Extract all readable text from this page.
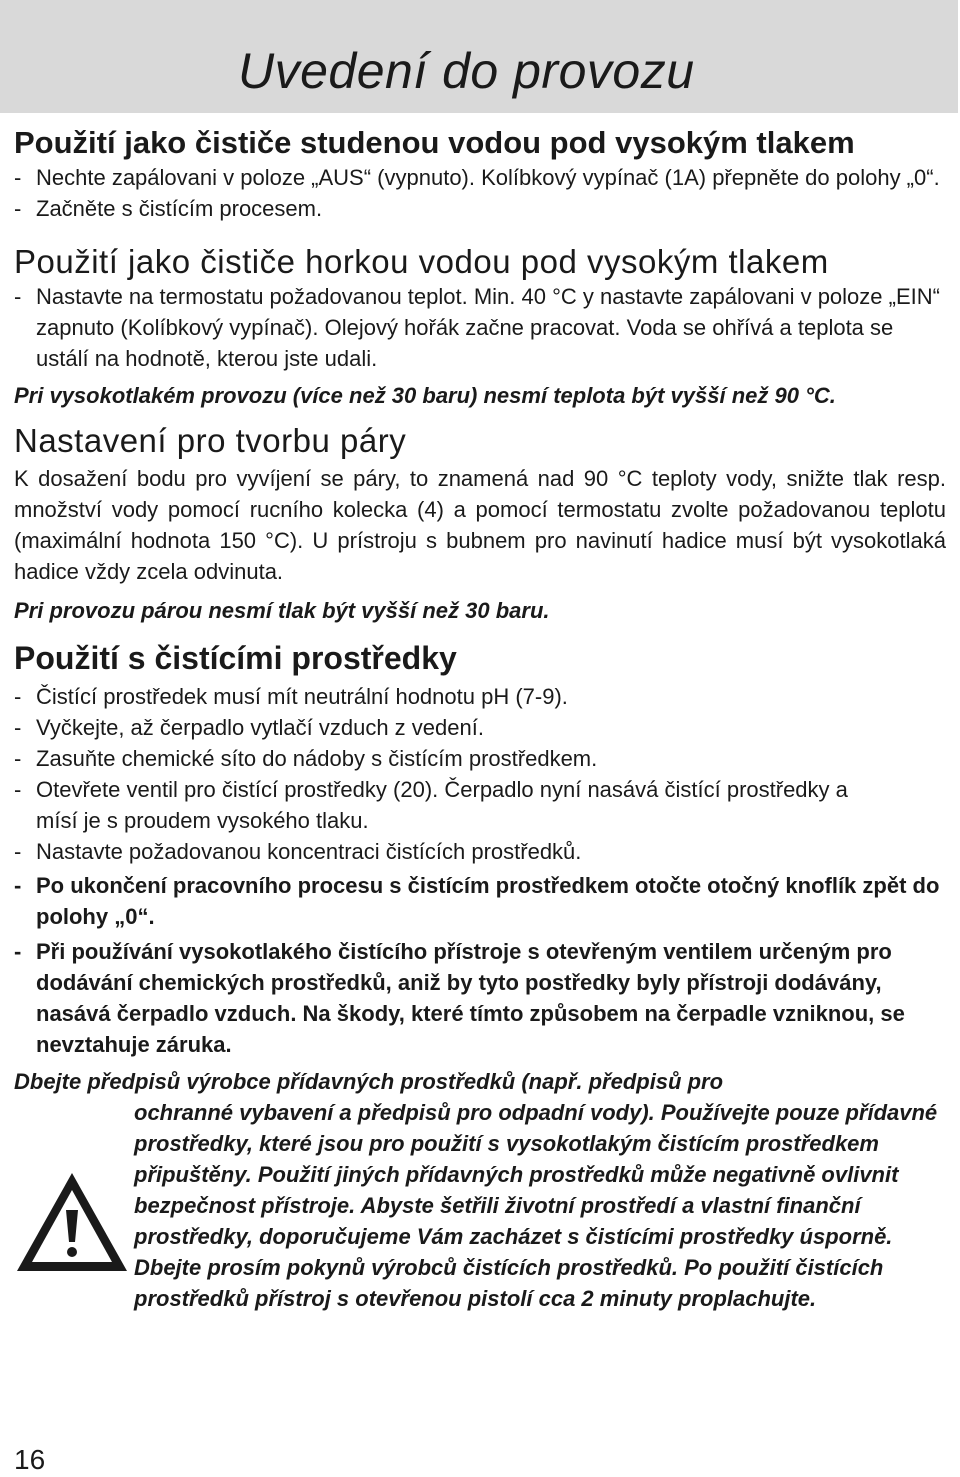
Uvedení do provozu
Použití jako čističe studenou vodou pod vysokým tlakem
- Nechte zapálovani v poloze „AUS“ (vypnuto). Kolíbkový vypínač (1A) přepněte do polohy „0“.
- Začněte s čistícím procesem.
Použití jako čističe horkou vodou pod vysokým tlakem
- Nastavte na termostatu požadovanou teplot. Min. 40 °C y nastavte zapálovani v poloze „EIN“ zapnuto (Kolíbkový vypínač). Olejový hořák začne pracovat. Voda se ohřívá a teplota se ustálí na hodnotě, kterou jste udali.
Pri vysokotlakém provozu (více než 30 baru) nesmí teplota být vyšší než 90 °C.
Nastavení pro tvorbu páry

K dosažení bodu pro vyvíjení se páry, to znamená nad 90 °C teploty vody, snižte tlak resp. množství vody pomocí rucního kolecka (4) a pomocí termostatu zvolte požadovanou teplotu (maximální hodnota 150 °C). U prístroju s bubnem pro navinutí hadice musí být vysokotlaká hadice vždy zcela odvinuta.

Pri provozu párou nesmí tlak být vyšší než 30 baru.
Použití s čistícími prostředky
- Čistící prostředek musí mít neutrální hodnotu pH (7-9).
- Vyčkejte, až čerpadlo vytlačí vzduch z vedení.
- Zasuňte chemické síto do nádoby s čistícím prostředkem.
- Otevřete ventil pro čistící prostředky (20). Čerpadlo nyní nasává čistící prostředky a mísí je s proudem vysokého tlaku.
- Nastavte požadovanou koncentraci čistících prostředků.
- Po ukončení pracovního procesu s čistícím prostředkem otočte otočný knoflík zpět do polohy „0“.
- Při používání vysokotlakého čistícího přístroje s otevřeným ventilem určeným pro dodávání chemických prostředků, aniž by tyto postředky byly přístroji dodávány, nasává čerpadlo vzduch. Na škody, které tímto způsobem na čerpadle vzniknou, se nevztahuje záruka.
Dbejte předpisů výrobce přídavných prostředků (např. předpisů pro
ochranné vybavení a předpisů pro odpadní vody). Používejte pouze přídavné prostředky, které jsou pro použití s vysokotlakým čistícím prostředkem připuštěny. Použití jiných přídavných prostředků může negativně ovlivnit bezpečnost přístroje. Abyste šetřili životní prostředí a vlastní finanční prostředky, doporučujeme Vám zacházet s čistícími prostředky úsporně. Dbejte prosím pokynů výrobců čistících prostředků. Po použití čistících prostředků přístroj s otevřenou pistolí cca 2 minuty proplachujte.
16
